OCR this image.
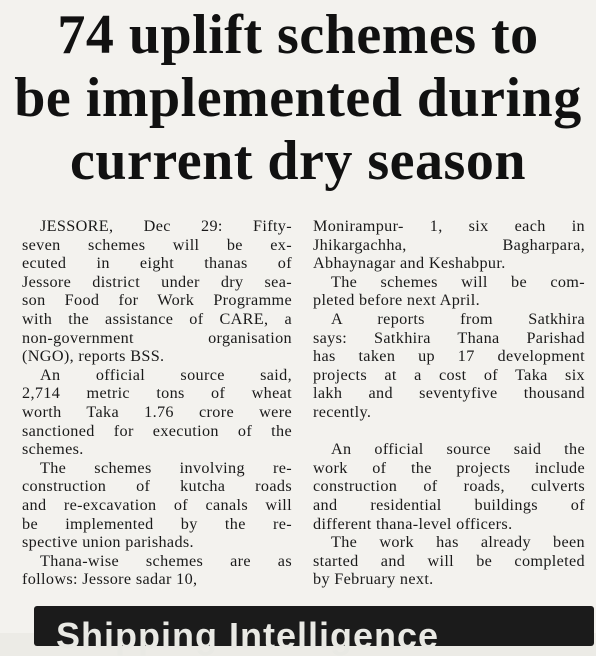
74 uplift schemes to
be implemented during
current dry season
JESSORE, Dec 29: Fifty-
seven schemes will be ex-
ecuted in eight thanas of
Jessore district under dry sea-
son Food for Work Programme
with the assistance of CARE, a
non-government organisation
(NGO), reports BSS.
An official source said,
2,714 metric tons of wheat
worth Taka 1.76 crore were
sanctioned for execution of the
schemes.
The schemes involving re-
construction of kutcha roads
and re-excavation of canals will
be implemented by the re-
spective union parishads.
Thana-wise schemes are as
follows: Jessore sadar 10,
Monirampur- 1, six each in
Jhikargachha, Bagharpara,
Abhaynagar and Keshabpur.
The schemes will be com-
pleted before next April.
A reports from Satkhira
says: Satkhira Thana Parishad
has taken up 17 development
projects at a cost of Taka six
lakh and seventyfive thousand
recently.

An official source said the
work of the projects include
construction of roads, culverts
and residential buildings of
different thana-level officers.
The work has already been
started and will be completed
by February next.
Shipping Intelligence
